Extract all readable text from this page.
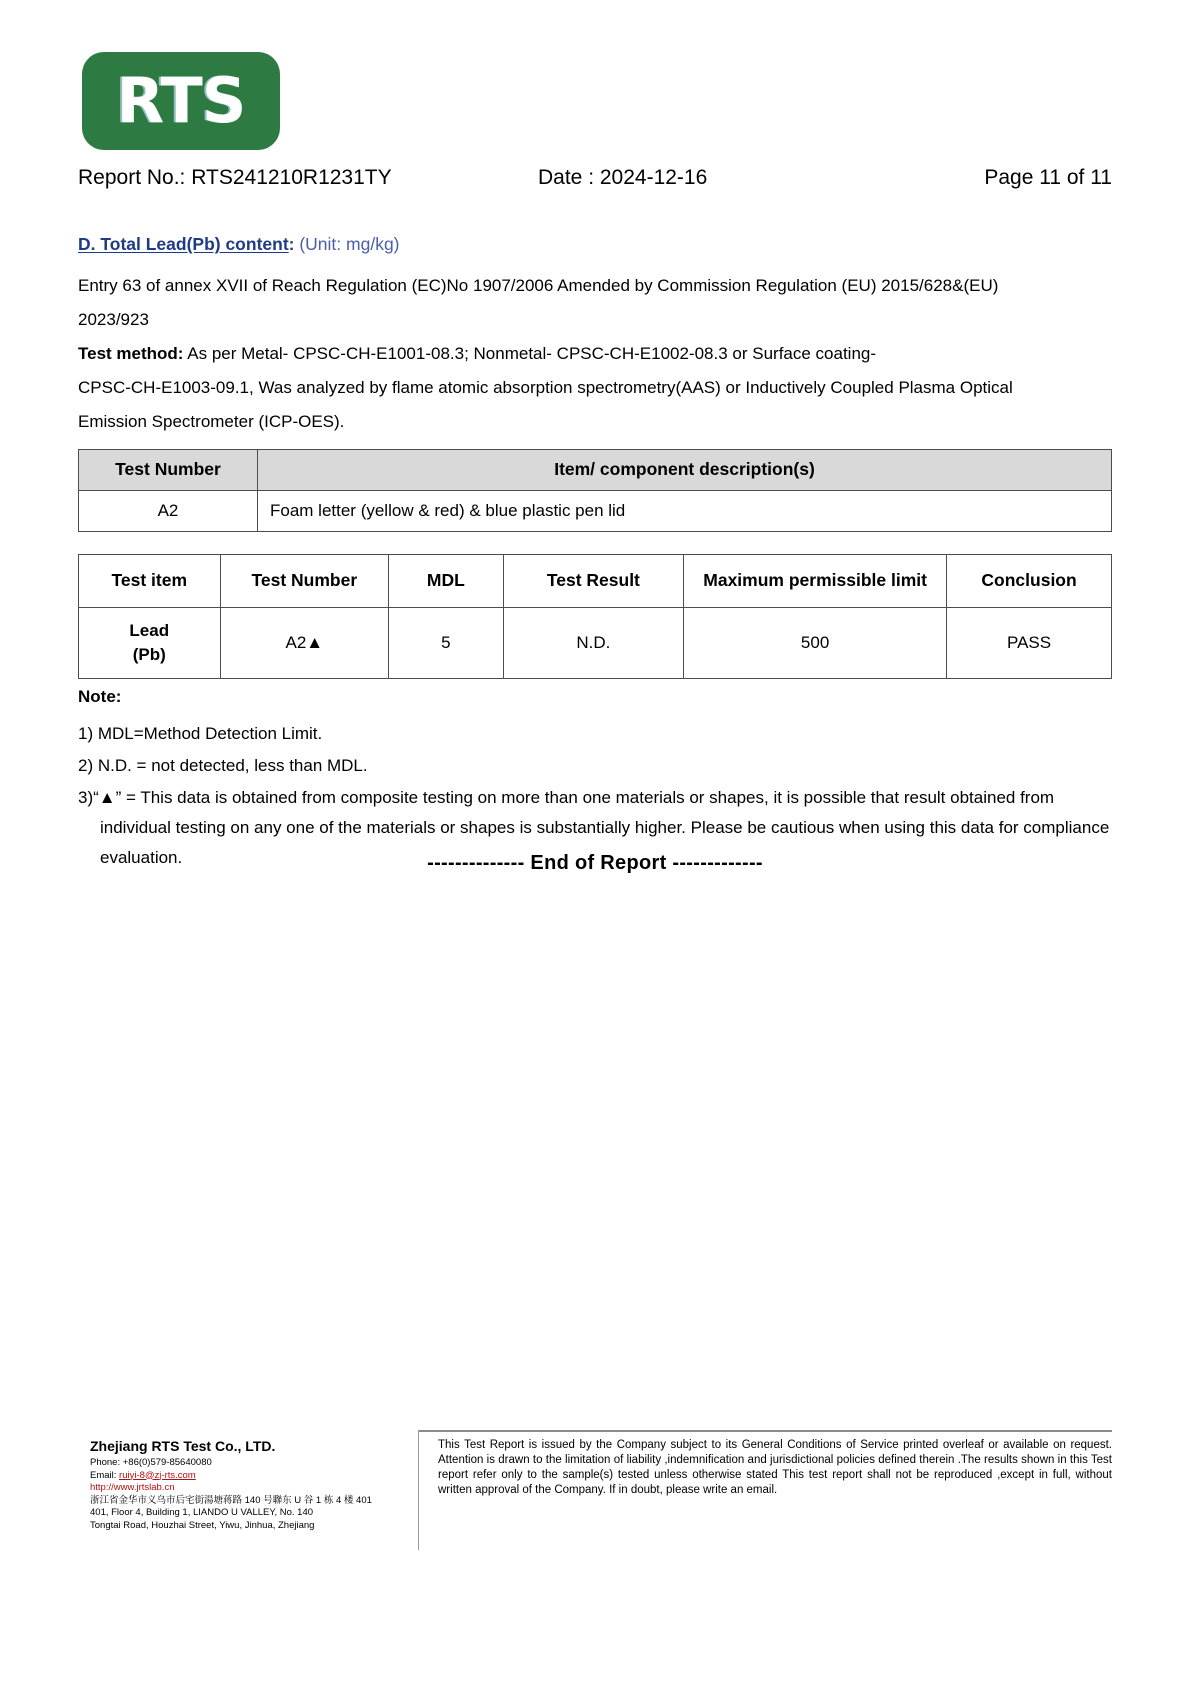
RTS
Report No.: RTS241210R1231TY	Date : 2024-12-16	Page 11 of 11
D. Total Lead(Pb) content: (Unit: mg/kg)

Entry 63 of annex XVII of Reach Regulation (EC)No 1907/2006 Amended by Commission Regulation (EU) 2015/628&(EU)

2023/923

Test method: As per Metal- CPSC-CH-E1001-08.3; Nonmetal- CPSC-CH-E1002-08.3 or Surface coating-

CPSC-CH-E1003-09.1, Was analyzed by flame atomic absorption spectrometry(AAS) or Inductively Coupled Plasma Optical

Emission Spectrometer (ICP-OES).

Test Number	Item/ component description(s)
A2	Foam letter (yellow & red) & blue plastic pen lid
Test item	Test Number	MDL	Test Result	Maximum permissible limit	Conclusion

Lead
(Pb)	A2▲	5	N.D.	500	PASS
Note:
1) MDL=Method Detection Limit.
2) N.D. = not detected, less than MDL.
3)“▲” = This data is obtained from composite testing on more than one materials or shapes, it is possible that result obtained from individual testing on any one of the materials or shapes is substantially higher. Please be cautious when using this data for compliance evaluation.	-------------- End of Report -------------
Zhejiang RTS Test Co., LTD.
Phone: +86(0)579-85640080
Email: ruiyi-8@zj-rts.com
http://www.jrtslab.cn
浙江省金华市义乌市后宅街湯塘蒋路 140 号聯东 U 谷 1 栋 4 楼 401
401, Floor 4, Building 1, LIANDO U VALLEY, No. 140
Tongtai Road, Houzhai Street, Yiwu, Jinhua, Zhejiang
This Test Report is issued by the Company subject to its General Conditions of Service printed overleaf or available on request. Attention is drawn to the limitation of liability ,indemnification and jurisdictional policies defined therein .The results shown in this Test report refer only to the sample(s) tested unless otherwise stated This test report shall not be reproduced ,except in full, without written approval of the Company. If in doubt, please write an email.
